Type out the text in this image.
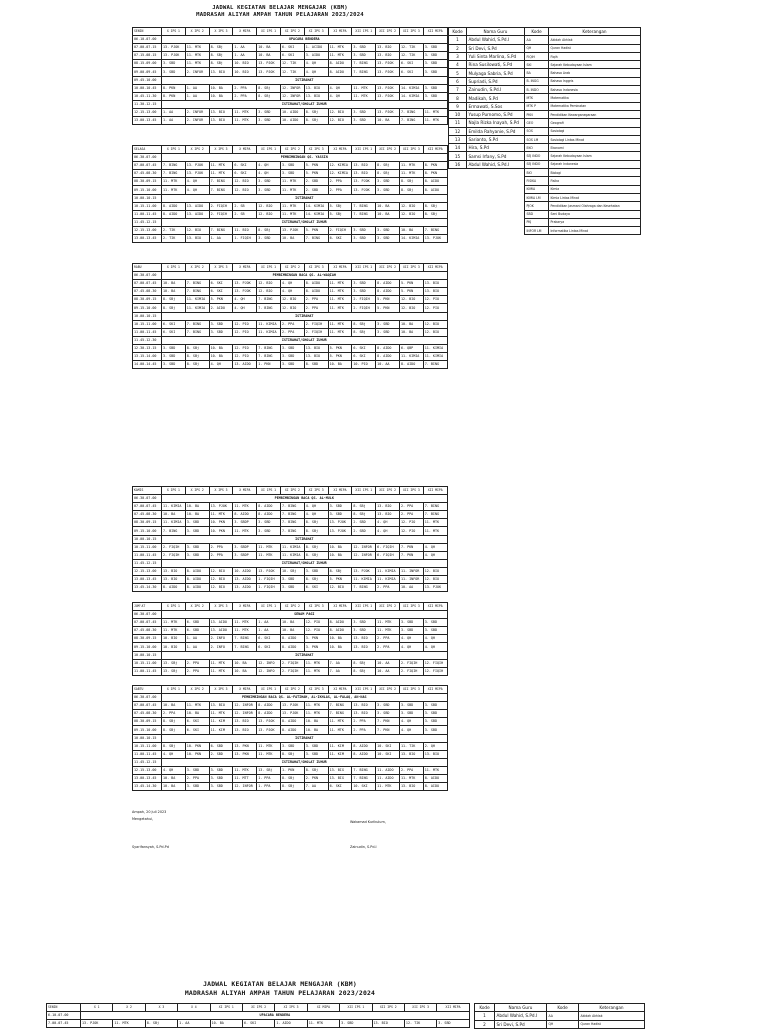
JADWAL KEGIATAN BELAJAR MENGAJAR (KBM)
MADRASAH ALIYAH AMPAH TAHUN PELAJARAN 2023/2024
SENIN	X IPS 1	X IPS 2	X IPS 3	X MIPA	XI IPS 1	XI IPS 2	XI IPS 3	XI MIPA	XII IPS 1	XII IPS 2	XII IPS 3	XII MIPA
06.10-07.00	UPACARA BENDERA											
07.00-07.15	13. PJOK	11. MTK	8. SBj	1. AA	10. BA	6. SKI	1. ACIDO	11. MTK	3. SBD	13. BIO	12. TIK	3. SBD
07.15-08.15	13. PJOK	11. MTK	8. SBj	1. AA	10. BA	6. SKI	3. AIDO	11. MTK	3. SBD	13. BIO	12. TIK	3. SBD
08.15-09.00	3. SBD	11. MTK	8. SBj	10. BIO	13. PJOK	12. TIK	4. QH	8. AIDO	7. BING	13. PJOK	6. SKI	3. SBD
09.00-09.45	3. SBD	2. INFOR	13. BIO	10. BIO	13. PJOK	12. TIK	4. QH	8. AIDO	7. BING	13. PJOK	6. SKI	3. SBD
09.45-10.00	ISTIRAHAT											
10.00-10.45	8. PKN	1. AA	10. BA	2. PPA	8. SBj	12. INFOR	13. BIO	4. QH	11. MTK	13. PJOK	14. KIMIA	3. SBD
10.45-11.30	8. PKN	1. AA	10. BA	2. PPA	8. SBj	12. INFOR	13. BIO	4. QH	11. MTK	13. PJOK	14. KIMIA	3. SBD
11.30-12.15	ISTIRAHAT/SHOLAT ZUHUR											
12.15-13.00	1. AA	2. INFOR	13. BIO	11. MTK	3. SBD	10. AIDO	8. SBj	12. BIO	3. SBD	13. PJOK	7. BING	11. MTK
13.00-13.45	1. AA	2. INFOR	13. BIO	11. MTK	3. SBD	10. AIDO	8. SBj	12. BIO	3. SBD	10. BA	7. BING	11. MTK
SELASA	X IPS 1	X IPS 2	X IPS 3	X MIPA	XI IPS 1	XI IPS 2	XI IPS 3	XI MIPA	XII IPS 1	XII IPS 2	XII IPS 3	XII MIPA
06.30-07.00	PEMBIMBINGAN QS. YASSIN											
07.00-07.45	7. BING	13. PJOK	11. MTK	6. SKI	4. QH	3. SBD	5. PKN	12. KIMIA	13. BIO	8. SBj	11. MTK	8. PKN
07.45-08.30	7. BING	13. PJOK	11. MTK	6. SKI	4. QH	3. SBD	5. PKN	12. KIMIA	13. BIO	8. SBj	11. MTK	8. PKN
08.30-09.15	11. MTK	4. QH	7. BING	12. BIO	3. SBD	11. MTK	2. SBD	2. PPA	13. PJOK	3. SBD	8. SBj	8. AIDO
09.15-10.00	11. MTK	4. QH	7. BING	12. BIO	3. SBD	11. MTK	2. SBD	2. PPA	13. PJOK	3. SBD	8. SBj	8. AIDO
10.00-10.15	ISTIRAHAT											
10.15-11.00	8. AIDO	13. AIDO	2. FIQIH	2. SB	12. BIO	11. MTK	14. KIMIA	5. SBj	7. BING	10. BA	12. BIO	8. SBj
11.00-11.45	8. AIDO	13. AIDO	2. FIQIH	2. SB	12. BIO	11. MTK	14. KIMIA	5. SBj	7. BING	10. BA	12. BIO	8. SBj
11.45-12.15	ISTIRAHAT/SHOLAT ZUHUR											
12.15-13.00	2. TIK	12. BIO	7. BING	11. BIO	8. SBj	13. PJOK	5. PKN	2. FIQIH	3. SBD	3. SBD	10. BA	7. BING
13.00-13.45	2. TIK	13. BIO	1. AA	1. FIQIH	3. SBD	10. BA	7. BING	6. SKI	3. SBD	3. SBD	14. KIMIA	13. PJOK
RABU	X IPS 1	X IPS 2	X IPS 3	X MIPA	XI IPS 1	XI IPS 2	XI IPS 3	XI MIPA	XII IPS 1	XII IPS 2	XII IPS 3	XII MIPA
06.30-07.00	PEMBIMBINGAN BACA QS. AL-WAQIAH											
07.00-07.45	10. BA	7. BING	6. SKI	13. PJOK	12. BIO	4. QH	8. AIDO	11. MTK	3. SBD	8. AIDO	5. PKN	13. BIO
07.45-08.30	10. BA	7. BING	6. SKI	13. PJOK	12. BIO	4. QH	8. AIDO	11. MTK	3. SBD	8. AIDO	5. PKN	13. BIO
08.30-09.15	8. SBj	11. KIMIA	5. PKN	4. QH	7. BING	12. BIO	2. PPA	11. MTK	2. FIQIH	5. PKN	12. BIO	12. PIO
09.15-10.00	8. SBj	11. KIMIA	2. AIDO	4. QH	7. BING	12. BIO	2. PPA	11. MTK	2. FIQIH	5. PKN	12. BIO	12. PIO
10.00-10.15	ISTIRAHAT											
10.15-11.00	6. SKI	7. BING	3. SBD	12. PIO	11. KIMIA	2. PPA	2. FIQIH	11. MTK	8. SBj	3. SBD	10. BA	12. BIO
11.00-11.45	6. SKI	7. BING	3. SBD	12. PIO	11. KIMIA	2. PPA	2. FIQIH	11. MTK	8. SBj	3. SBD	10. BA	12. BIO
11.45-12.30	ISTIRAHAT/SHOLAT ZUHUR											
12.30-13.15	3. SBD	8. SBj	10. BA	12. PIO	7. BING	3. SBD	13. BIO	5. PKN	6. SKI	8. AIDO	6. QBP	11. KIMIA
13.15-14.00	3. SBD	8. SBj	10. BA	12. PIO	7. BING	3. SBD	13. BIO	5. PKN	6. SKI	8. AIDO	11. KIMIA	11. KIMIA
14.00-14.45	3. SBD	8. SBj	4. QH	13. AIDO	1. PKN	3. SBD	8. SBD	10. BA	10. PIO	10. AA	8. AIDO	7. BING
KAMIS	X IPS 1	X IPS 2	X IPS 3	X MIPA	XI IPS 1	XI IPS 2	XI IPS 3	XI MIPA	XII IPS 1	XII IPS 2	XII IPS 3	XII MIPA
06.30-07.00	PEMBIMBINGAN BACA QS. AL-MULK											
07.00-07.45	11. KIMIA	10. BA	13. PJOK	11. MTK	8. AIDO	7. BING	4. QH	3. SBD	8. SBj	13. BIO	2. PPA	7. BING
07.45-08.30	10. BA	10. BA	11. MTK	8. AIDO	8. AIDO	7. BING	4. QH	3. SBD	8. SBj	13. BIO	2. PPA	7. BING
08.30-09.15	11. KIMIA	3. SBD	10. PKN	3. SBDP	3. SBD	7. BING	8. SBj	13. PJOK	2. SBD	4. QH	12. PIO	11. MTK
09.15-10.00	7. BING	3. SBD	10. PKN	11. MTK	3. SBD	7. BING	8. SBj	13. PJOK	2. SBD	4. QH	12. PIO	11. MTK
10.00-10.15	ISTIRAHAT											
10.15-11.00	2. FIQIH	3. SBD	2. PPA	3. SBDP	11. MTK	11. KIMIA	8. SBj	10. BA	12. INFOR	6. FIQIH	7. PKN	4. QH
11.00-11.45	2. FIQIH	3. SBD	2. PPA	3. SBDP	11. MTK	11. KIMIA	8. SBj	10. BA	12. INFOR	6. FIQIH	7. PKN	4. QH
11.45-12.15	ISTIRAHAT/SHOLAT ZUHUR											
12.15-13.00	13. BIO	8. AIDO	12. BIO	10. AIDO	13. PJOK	10. SBj	3. SBD	8. SBj	13. PJOK	11. KIMIA	11. INFOR	12. BIO
13.00-13.45	13. BIO	8. AIDO	12. BIO	13. AIDO	1. FIQIH	3. SBD	8. SBj	5. PKN	11. KIMIA	11. KIMIA	11. INFOR	12. BIO
13.45-14.30	8. AIDO	8. AIDO	12. BIO	13. AIDO	1. FIQIH	3. SBD	6. SKI	12. BIO	7. BING	2. PPA	10. AA	13. PJOK
JUM'AT	X IPS 1	X IPS 2	X IPS 3	X MIPA	XI IPS 1	XI IPS 2	XI IPS 3	XI MIPA	XII IPS 1	XII IPS 2	XII IPS 3	XII MIPA
06.30-07.00	SENAM PAGI											
07.00-07.45	11. MTK	6. SBD	13. AIDO	11. MTK	1. AA	10. BA	12. PIO	8. AIDO	3. SBD	11. MTK	3. SBD	3. SBD
07.45-08.30	11. MTK	6. SBD	13. AIDO	11. MTK	1. AA	10. BA	12. PIO	8. AIDO	3. SBD	11. MTK	3. SBD	3. SBD
08.30-09.15	10. BIO	1. AA	2. INFO	7. BING	6. SKI	8. AIDO	3. PKN	10. BA	13. BIO	2. PPA	4. QH	4. QH
09.15-10.00	10. BIO	1. AA	2. INFO	7. BING	6. SKI	8. AIDO	3. PKN	10. BA	13. BIO	2. PPA	4. QH	4. QH
10.00-10.15	ISTIRAHAT											
10.15-11.00	13. SBj	2. PPA	11. MTK	10. BA	12. INFO	2. FIQIH	11. MTK	7. AA	8. SBj	10. AA	2. FIQIH	12. FIQIH
11.00-11.45	13. SBj	2. PPA	11. MTK	10. BA	12. INFO	2. FIQIH	11. MTK	7. AA	8. SBj	10. AA	2. FIQIH	12. FIQIH
SABTU	X IPS 1	X IPS 2	X IPS 3	X MIPA	XI IPS 1	XI IPS 2	XI IPS 3	XI MIPA	XII IPS 1	XII IPS 2	XII IPS 3	XII MIPA
06.30-07.00	PEMBIMBINGAN BACA QS. AL-FATIHAH, AL-IKHLAS, AL-FALAQ, AN-NAS											
07.00-07.45	10. BA	11. MTK	13. BIO	12. INFOR	8. AIDO	13. PJOK	11. MTK	7. BING	13. BIO	3. SBD	3. SBD	3. SBD
07.45-08.30	2. PPA	10. BA	11. MTK	12. INFOR	8. AIDO	13. PJOK	11. MTK	7. BING	13. BIO	3. SBD	3. SBD	3. SBD
08.30-09.15	8. SBj	6. SKI	11. KIM	13. BIO	13. PJOK	8. AIDO	10. BA	11. MTK	2. PPA	7. PKN	4. QH	3. SBD
09.15-10.00	8. SBj	6. SKI	11. KIM	13. BIO	13. PJOK	8. AIDO	10. BA	11. MTK	2. PPA	7. PKN	4. QH	3. SBD
10.00-10.15	ISTIRAHAT											
10.15-11.00	8. SBj	10. PKN	6. SBD	13. PKN	11. MTK	3. SBD	3. SBD	11. KIM	8. AIDO	10. SKI	11. TIK	2. QH
11.00-11.45	4. QH	10. PKN	2. SBD	13. PKN	11. MTK	8. SBj	3. SBD	11. KIM	8. AIDO	10. SKI	13. BIO	13. BIO
11.45-12.15	ISTIRAHAT/SHOLAT ZUHUR											
12.15-13.00	4. QH	3. SBD	3. SBD	11. MTK	13. SBj	1. PKN	8. SBj	13. BIG	7. BING	11. AIDO	2. PPA	11. MTK
13.00-13.45	10. BA	2. PPA	3. SBD	11. MTT	1. PPA	8. SBj	2. PKN	13. BIG	7. BING	11. AIDO	11. MTK	8. AIDO
13.45-14.30	10. BA	3. SBD	3. SBD	12. INFOR	1. PPA	8. SBj	7. AA	6. SKI	10. SKI	11. MTK	13. BIO	8. AIDO
Kode	Nama Guru	Kode	Keterangan
1	Abdul Wahid, S.Pd.I	AA	Akidah Akhlak
2	Sri Devi, S.Pd	QH	Quran Hadist
3	Yuli Sinta Marlina, S.Pd	FIQIH	Fiqih
4	Rina Susilowati, S.Pd	SKI	Sejarah Kebudayaan Islam
5	Mulyaga Sabria, S.Pd	BA	Bahasa Arab
6	Supriadi, S.Pd	B. INGG	Bahasa Inggris
7	Zainudin, S.Pd.I	B. INDO	Bahasa Indonesia
8	Madikah, S.Pd	MTK	Matematika
9	Ermawati, S.Sos	MTK P	Matematika Peminatan
10	Yusup Purnomo, S.Pd	PKN	Pendidikan Kewarganegaraan
11	Najla Rizka Inayah, S.Pd	GEO	Geografi
12	Emilda Rahyanie, S.Pd	SOS	Sosiologi
13	Sarianto, S.Pd	SOS LM	Sosiologi Lintas Minat
14	Hira, S.Pd	EKO	Ekonomi
15	Samsi Irfany, S.Pd	SEJ INDO	Sejarah Kebudayaan Islam
16	Abdul Wahid, S.Pd.I	SEJ INDO	Sejarah Indonesia
		BIO	Biologi
		FISIKA	Fisika
		KIMIA	Kimia
		KIMIA LM	Kimia Lintas Minat
		PJOK	Pendidikan Jasmani Olahraga dan Kesehatan
		SBD	Seni Budaya
		PKJ	Prakarya
		INFOR LM	Informatika Lintas Minat
Ampah, 20 Juli 2023
Mengetahui,
Wakamad Kurikulum,
Syarifansyah, S.Pd.Pd	Zainudin, S.Pd.I
JADWAL KEGIATAN BELAJAR MENGAJAR (KBM)
MADRASAH ALIYAH AMPAH TAHUN PELAJARAN 2023/2024
SENIN	X 1	X 2	X 3	X 4	XI IPS 1	XI IPS 2	XI IPS 3	XI MIPA	XII IPS 1	XII IPS 2	XII IPS 3	XII MIPA
6.10-07.00	UPACARA BENDERA											
7.00-07.45	13. PJOK	11. MTK	8. SBj	1. AA	10. BA	6. SKI	1. AIDO	11. MTK	3. SBD	13. BIO	12. TIK	3. SBD
Kode	Nama Guru	Kode	Keterangan
1	Abdul Wahid, S.Pd.I	AA	Akidah Akhlak
2	Sri Devi, S.Pd	QH	Quran Hadist
